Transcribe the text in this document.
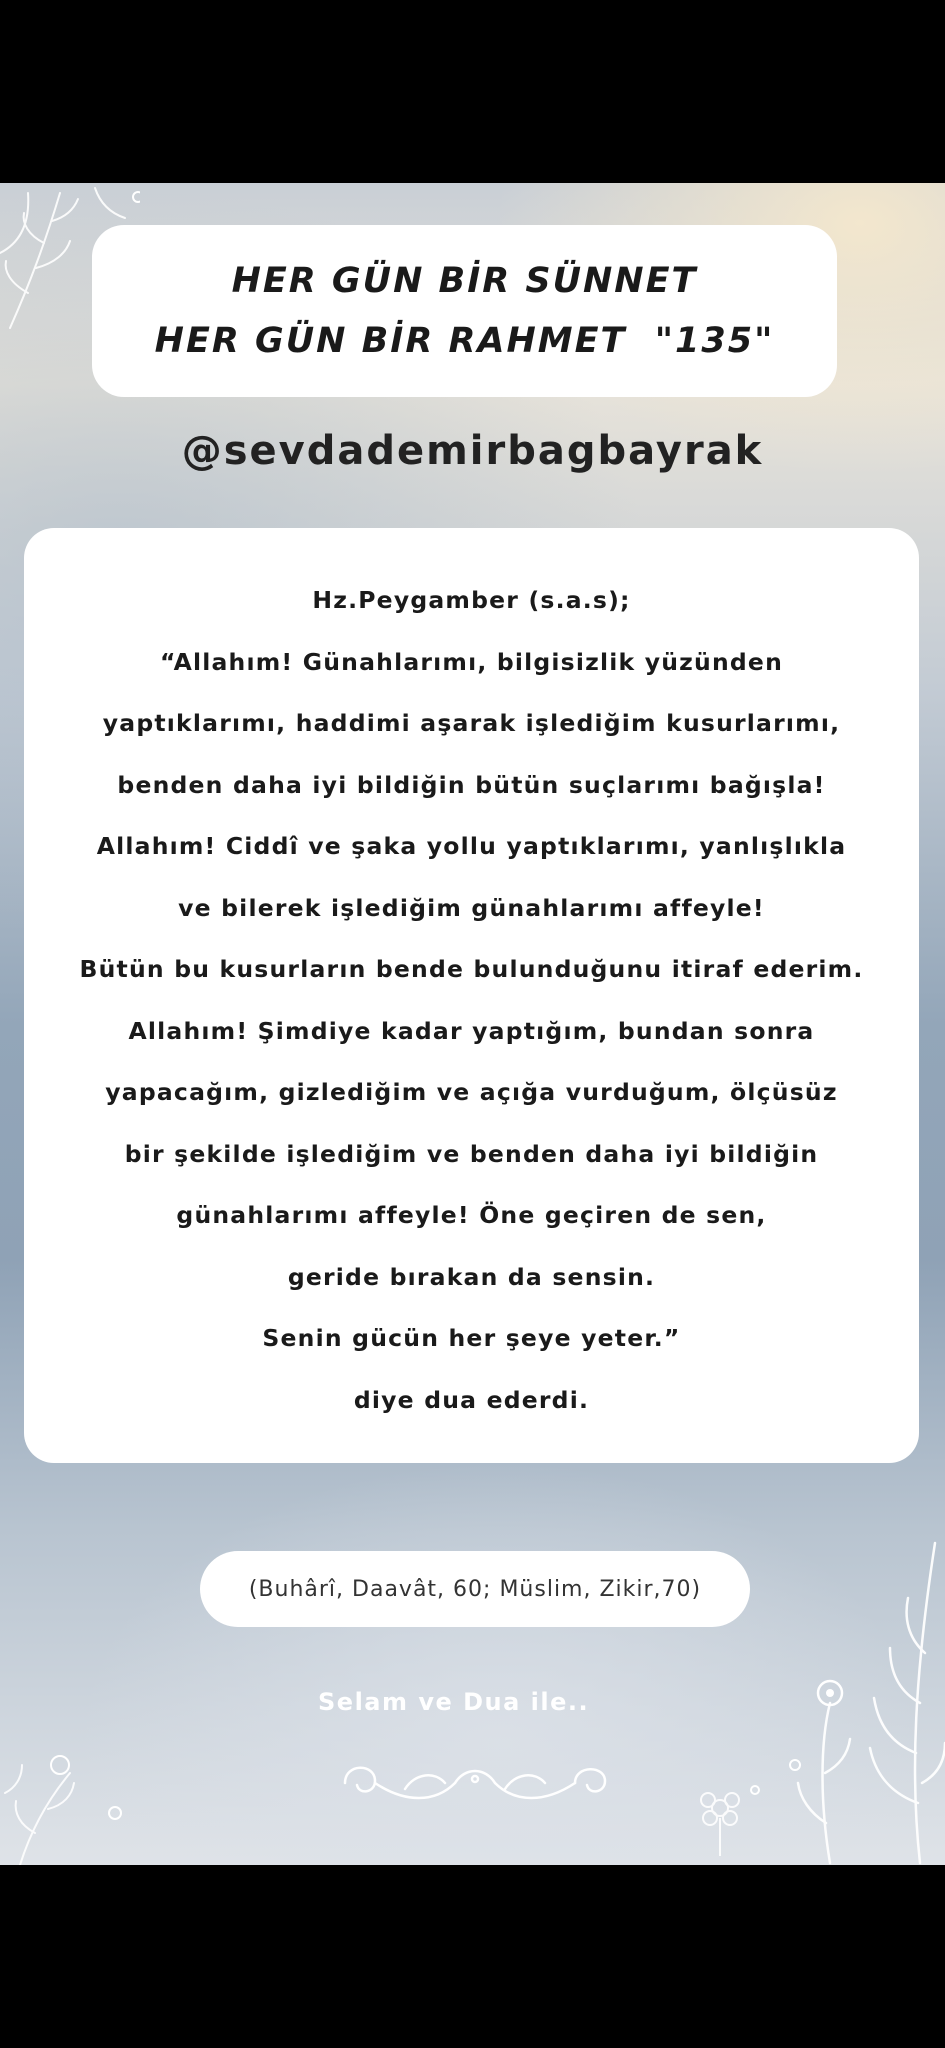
HER GÜN BİR SÜNNET
HER GÜN BİR RAHMET  "135"
@sevdademirbagbayrak
Hz.Peygamber (s.a.s);
“Allahım! Günahlarımı, bilgisizlik yüzünden
yaptıklarımı, haddimi aşarak işlediğim kusurlarımı,
benden daha iyi bildiğin bütün suçlarımı bağışla!
Allahım! Ciddî ve şaka yollu yaptıklarımı, yanlışlıkla
ve bilerek işlediğim günahlarımı affeyle!
Bütün bu kusurların bende bulunduğunu itiraf ederim.
Allahım! Şimdiye kadar yaptığım, bundan sonra
yapacağım, gizlediğim ve açığa vurduğum, ölçüsüz
bir şekilde işlediğim ve benden daha iyi bildiğin
günahlarımı affeyle! Öne geçiren de sen,
geride bırakan da sensin.
Senin gücün her şeye yeter.”
diye dua ederdi.
(Buhârî, Daavât, 60; Müslim, Zikir,70)
Selam ve Dua ile..
